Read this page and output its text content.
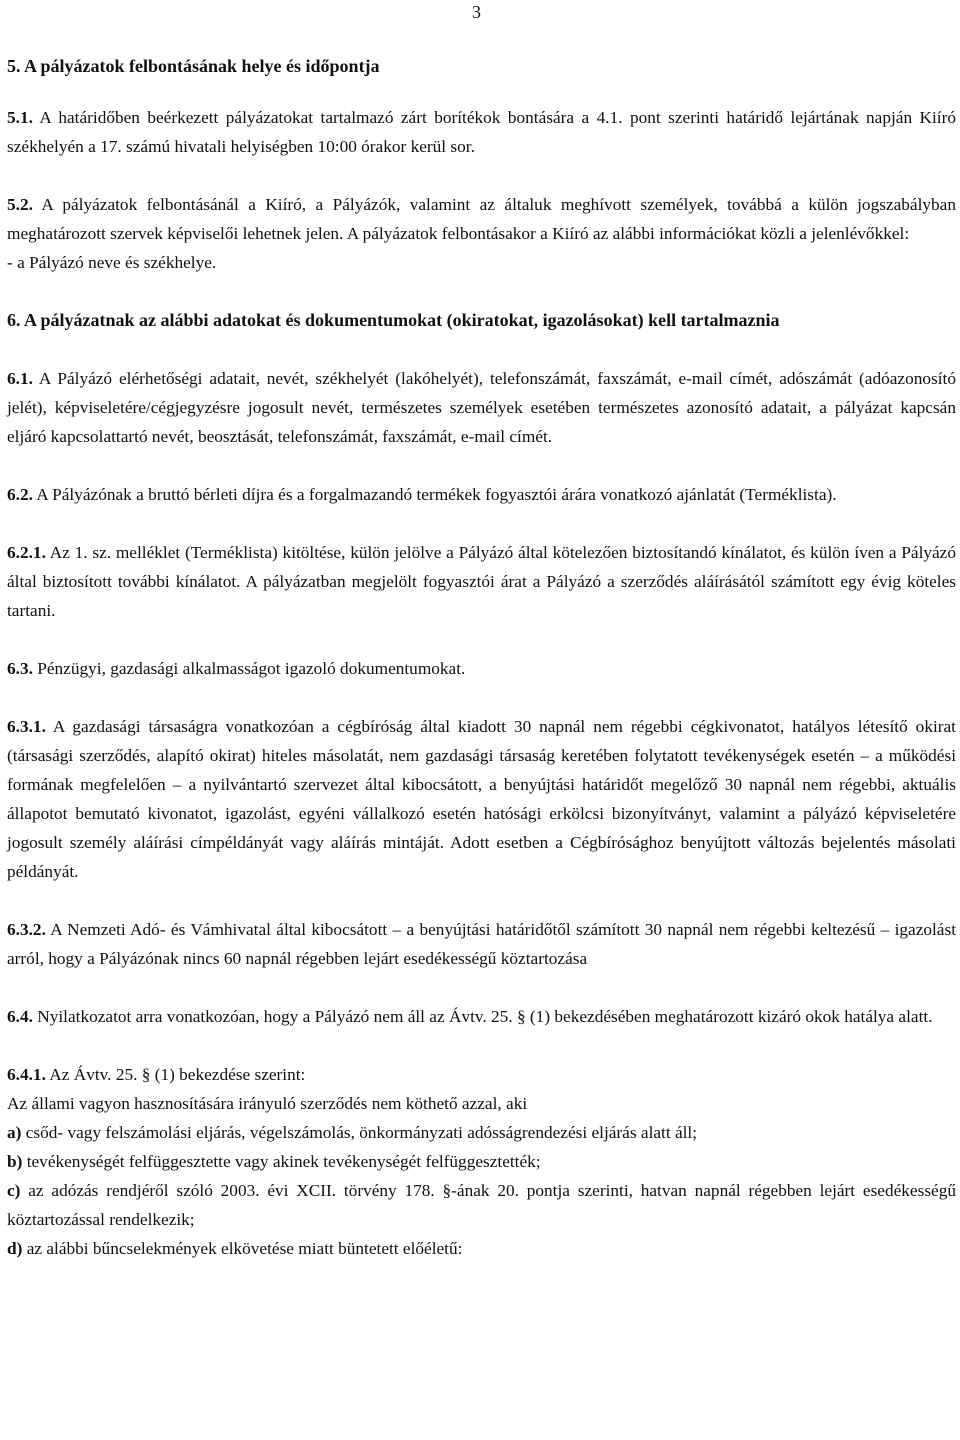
3

5. A pályázatok felbontásának helye és időpontja

5.1. A határidőben beérkezett pályázatokat tartalmazó zárt borítékok bontására a 4.1. pont szerinti határidő lejártának napján Kiíró székhelyén a 17. számú hivatali helyiségben 10:00 órakor kerül sor.

5.2. A pályázatok felbontásánál a Kiíró, a Pályázók, valamint az általuk meghívott személyek, továbbá a külön jogszabályban meghatározott szervek képviselői lehetnek jelen. A pályázatok felbontásakor a Kiíró az alábbi információkat közli a jelenlévőkkel:

- a Pályázó neve és székhelye.

6. A pályázatnak az alábbi adatokat és dokumentumokat (okiratokat, igazolásokat) kell tartalmaznia

6.1. A Pályázó elérhetőségi adatait, nevét, székhelyét (lakóhelyét), telefonszámát, faxszámát, e-mail címét, adószámát (adóazonosító jelét), képviseletére/cégjegyzésre jogosult nevét, természetes személyek esetében természetes azonosító adatait, a pályázat kapcsán eljáró kapcsolattartó nevét, beosztását, telefonszámát, faxszámát, e-mail címét.

6.2. A Pályázónak a bruttó bérleti díjra és a forgalmazandó termékek fogyasztói árára vonatkozó ajánlatát (Terméklista).

6.2.1. Az 1. sz. melléklet (Terméklista) kitöltése, külön jelölve a Pályázó által kötelezően biztosítandó kínálatot, és külön íven a Pályázó által biztosított további kínálatot. A pályázatban megjelölt fogyasztói árat a Pályázó a szerződés aláírásától számított egy évig köteles tartani.

6.3. Pénzügyi, gazdasági alkalmasságot igazoló dokumentumokat.

6.3.1. A gazdasági társaságra vonatkozóan a cégbíróság által kiadott 30 napnál nem régebbi cégkivonatot, hatályos létesítő okirat (társasági szerződés, alapító okirat) hiteles másolatát, nem gazdasági társaság keretében folytatott tevékenységek esetén – a működési formának megfelelően – a nyilvántartó szervezet által kibocsátott, a benyújtási határidőt megelőző 30 napnál nem régebbi, aktuális állapotot bemutató kivonatot, igazolást, egyéni vállalkozó esetén hatósági erkölcsi bizonyítványt, valamint a pályázó képviseletére jogosult személy aláírási címpéldányát vagy aláírás mintáját. Adott esetben a Cégbírósághoz benyújtott változás bejelentés másolati példányát.

6.3.2. A Nemzeti Adó- és Vámhivatal által kibocsátott – a benyújtási határidőtől számított 30 napnál nem régebbi keltezésű – igazolást arról, hogy a Pályázónak nincs 60 napnál régebben lejárt esedékességű köztartozása

6.4. Nyilatkozatot arra vonatkozóan, hogy a Pályázó nem áll az Ávtv. 25. § (1) bekezdésében meghatározott kizáró okok hatálya alatt.

6.4.1. Az Ávtv. 25. § (1) bekezdése szerint:

Az állami vagyon hasznosítására irányuló szerződés nem köthető azzal, aki

a) csőd- vagy felszámolási eljárás, végelszámolás, önkormányzati adósságrendezési eljárás alatt áll;

b) tevékenységét felfüggesztette vagy akinek tevékenységét felfüggesztették;

c) az adózás rendjéről szóló 2003. évi XCII. törvény 178. §-ának 20. pontja szerinti, hatvan napnál régebben lejárt esedékességű köztartozással rendelkezik;

d) az alábbi bűncselekmények elkövetése miatt büntetett előéletű:
